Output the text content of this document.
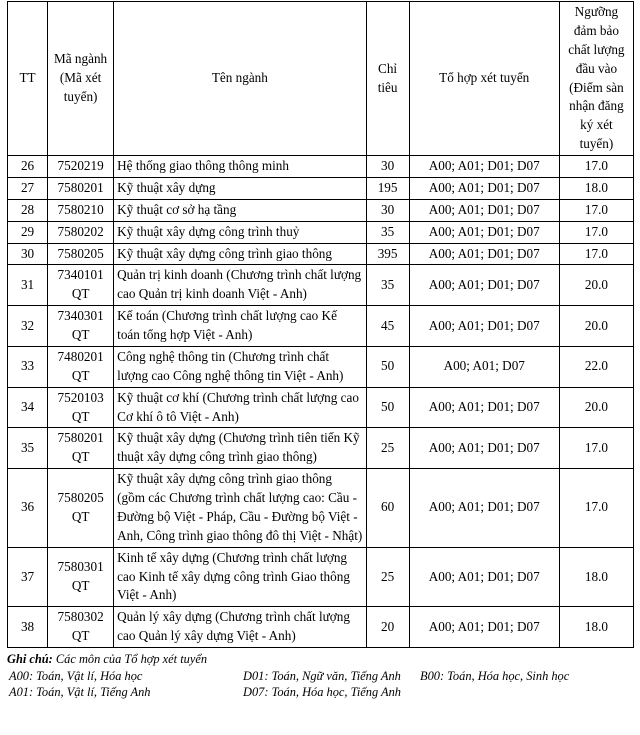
TT	Mã ngành (Mã xét tuyển)	Tên ngành	Chỉ tiêu	Tổ hợp xét tuyển	Ngưỡng đảm bảo chất lượng đầu vào (Điểm sàn nhận đăng ký xét tuyển)
26	7520219	Hệ thống giao thông thông minh	30	A00; A01; D01; D07	17.0
27	7580201	Kỹ thuật xây dựng	195	A00; A01; D01; D07	18.0
28	7580210	Kỹ thuật cơ sở hạ tầng	30	A00; A01; D01; D07	17.0
29	7580202	Kỹ thuật xây dựng công trình thuỷ	35	A00; A01; D01; D07	17.0
30	7580205	Kỹ thuật xây dựng công trình giao thông	395	A00; A01; D01; D07	17.0
31	7340101 QT	Quản trị kinh doanh (Chương trình chất lượng cao Quản trị kinh doanh Việt - Anh)	35	A00; A01; D01; D07	20.0
32	7340301 QT	Kế toán (Chương trình chất lượng cao Kế toán tổng hợp Việt - Anh)	45	A00; A01; D01; D07	20.0
33	7480201 QT	Công nghệ thông tin (Chương trình chất lượng cao Công nghệ thông tin Việt - Anh)	50	A00; A01; D07	22.0
34	7520103 QT	Kỹ thuật cơ khí (Chương trình chất lượng cao Cơ khí ô tô Việt - Anh)	50	A00; A01; D01; D07	20.0
35	7580201 QT	Kỹ thuật xây dựng (Chương trình tiên tiến Kỹ thuật xây dựng công trình giao thông)	25	A00; A01; D01; D07	17.0
36	7580205 QT	Kỹ thuật xây dựng công trình giao thông (gồm các Chương trình chất lượng cao: Cầu - Đường bộ Việt - Pháp, Cầu - Đường bộ Việt - Anh, Công trình giao thông đô thị Việt - Nhật)	60	A00; A01; D01; D07	17.0
37	7580301 QT	Kinh tế xây dựng (Chương trình chất lượng cao Kinh tế xây dựng công trình Giao thông Việt - Anh)	25	A00; A01; D01; D07	18.0
38	7580302 QT	Quản lý xây dựng (Chương trình chất lượng cao Quản lý xây dựng Việt - Anh)	20	A00; A01; D01; D07	18.0
Ghi chú: Các môn của Tổ hợp xét tuyển
A00: Toán, Vật lí, Hóa học
A01: Toán, Vật lí, Tiếng Anh
D01: Toán, Ngữ văn, Tiếng Anh
D07: Toán, Hóa học, Tiếng Anh
B00: Toán, Hóa học, Sinh học
